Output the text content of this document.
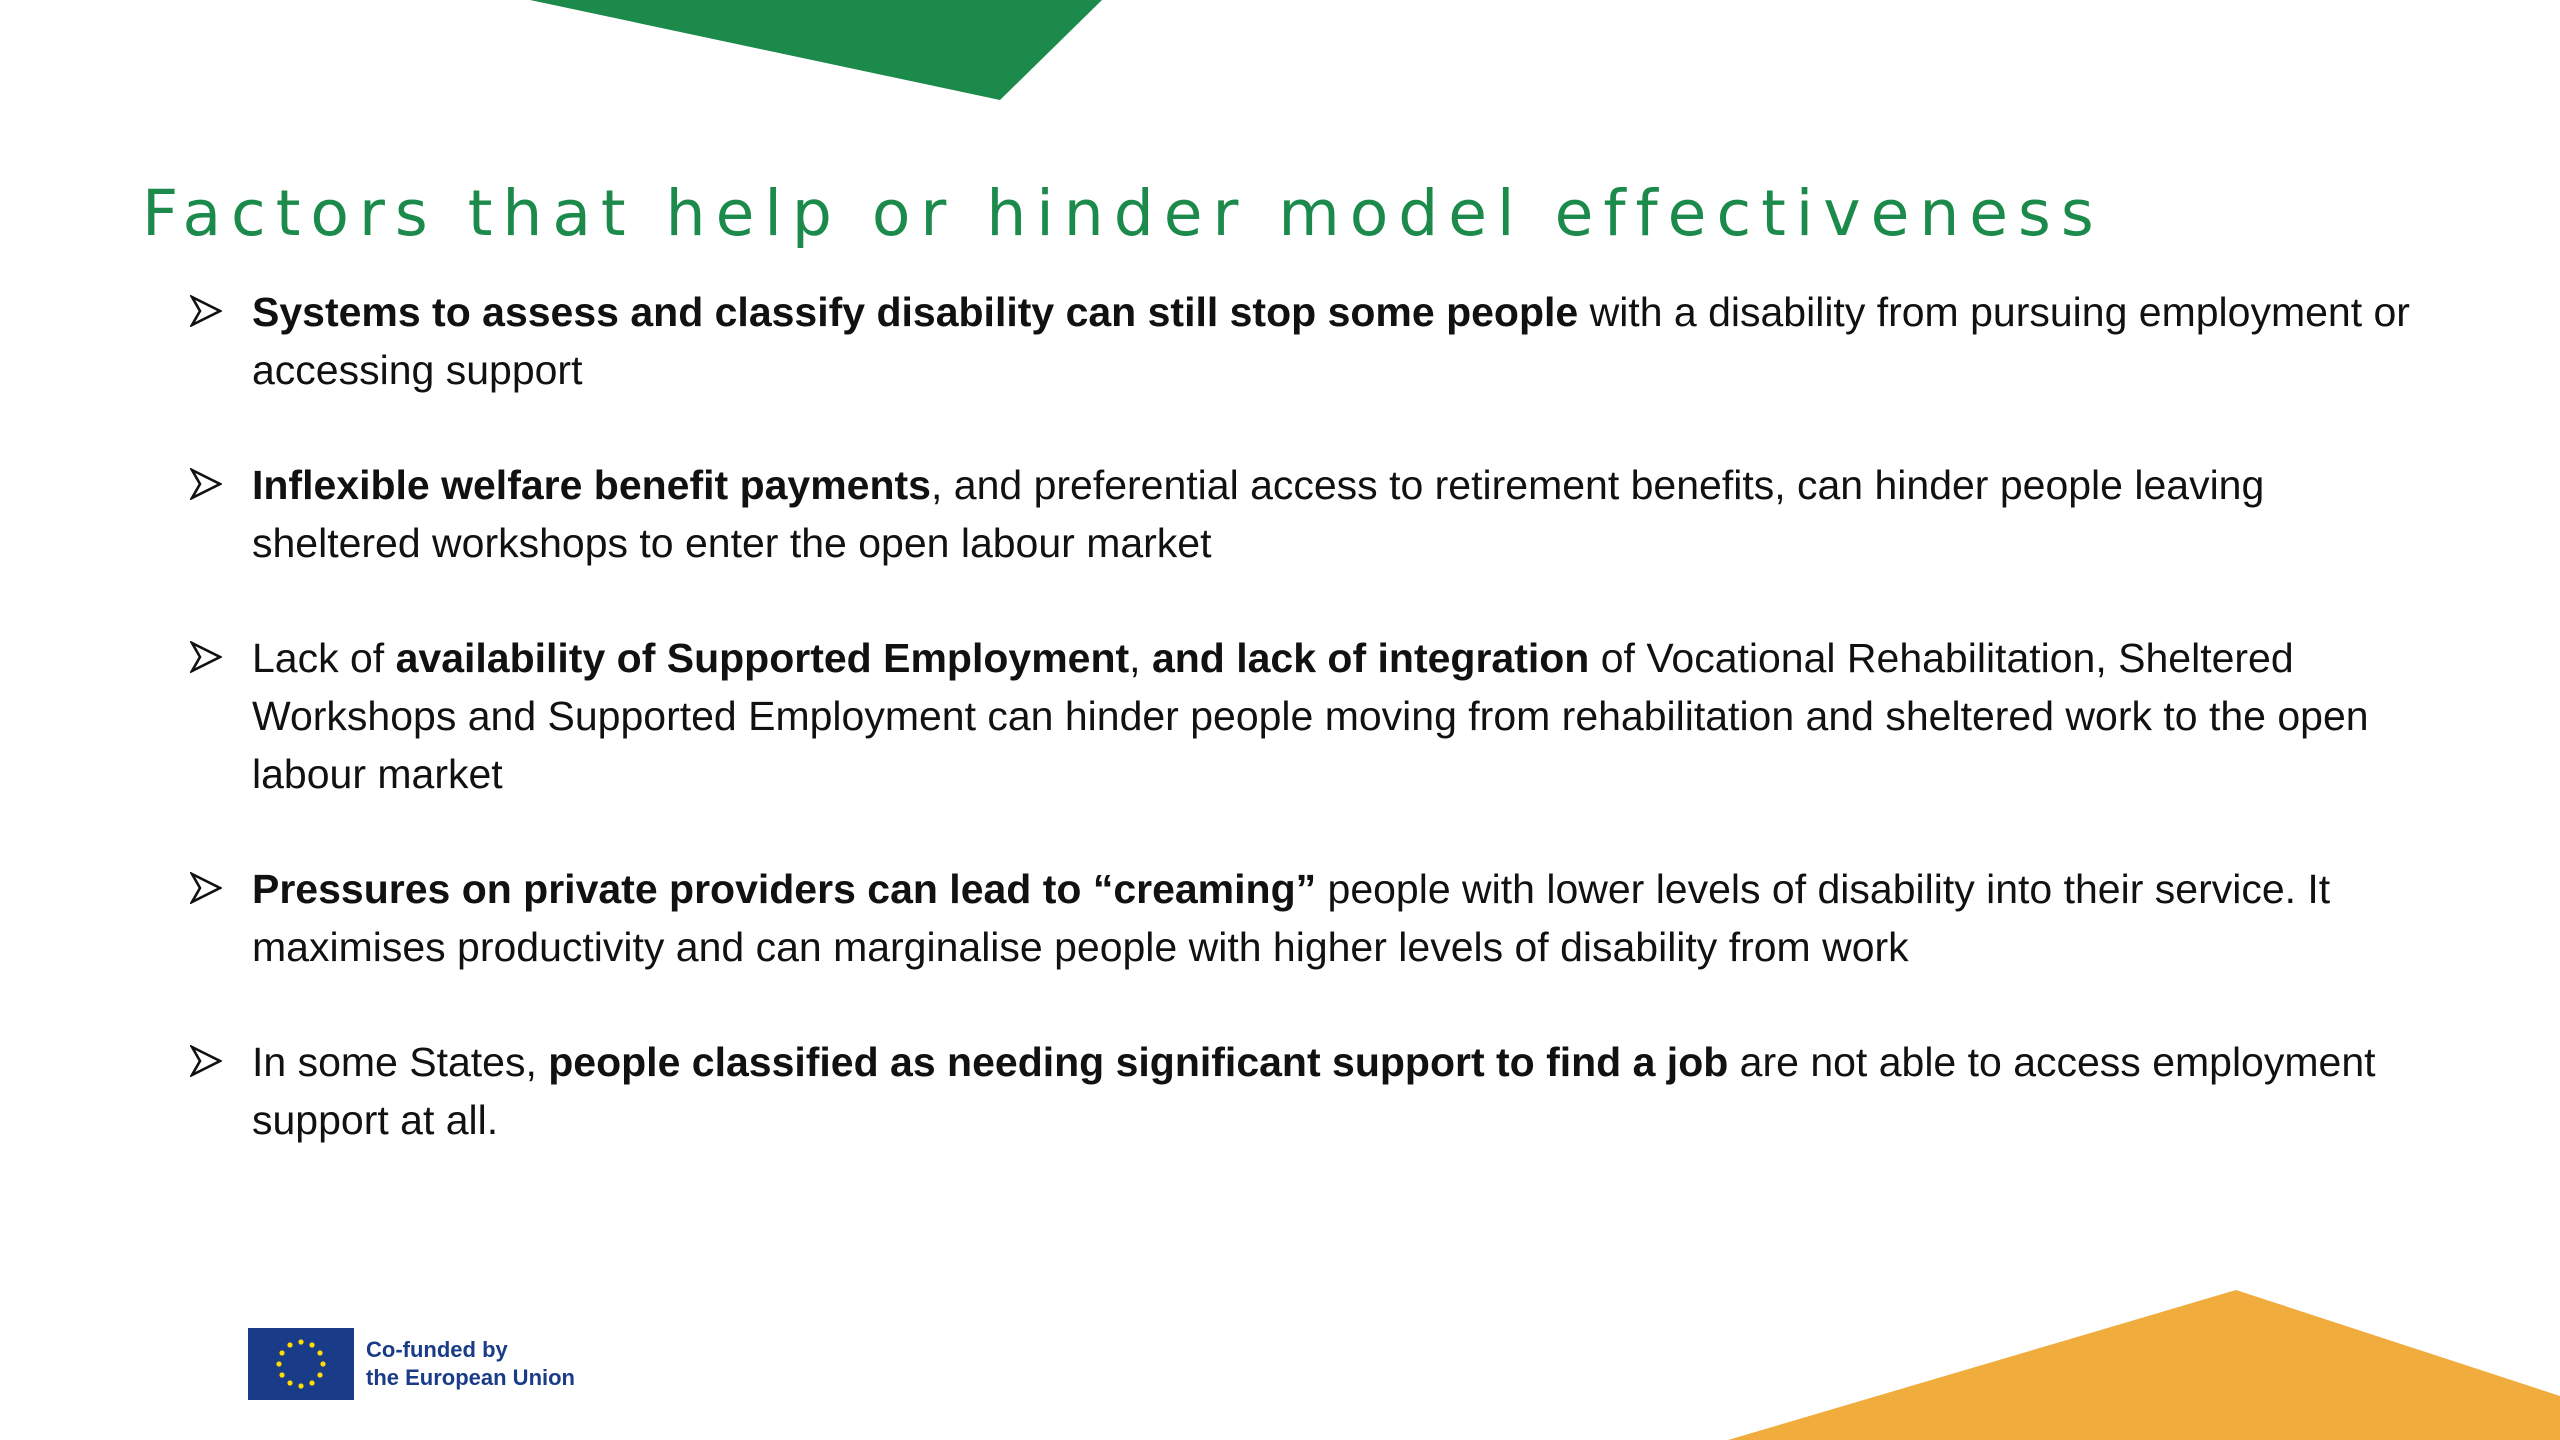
Factors that help or hinder model effectiveness
Systems to assess and classify disability can still stop some people with a disability from pursuing employment or accessing support
Inflexible welfare benefit payments, and preferential access to retirement benefits, can hinder people leaving sheltered workshops to enter the open labour market
Lack of availability of Supported Employment, and lack of integration of Vocational Rehabilitation, Sheltered Workshops and Supported Employment can hinder people moving from rehabilitation and sheltered work to the open labour market
Pressures on private providers can lead to “creaming” people with lower levels of disability into their service. It maximises productivity and can marginalise people with higher levels of disability from work
In some States, people classified as needing significant support to find a job are not able to access employment support at all.
Co-funded by
the European Union
